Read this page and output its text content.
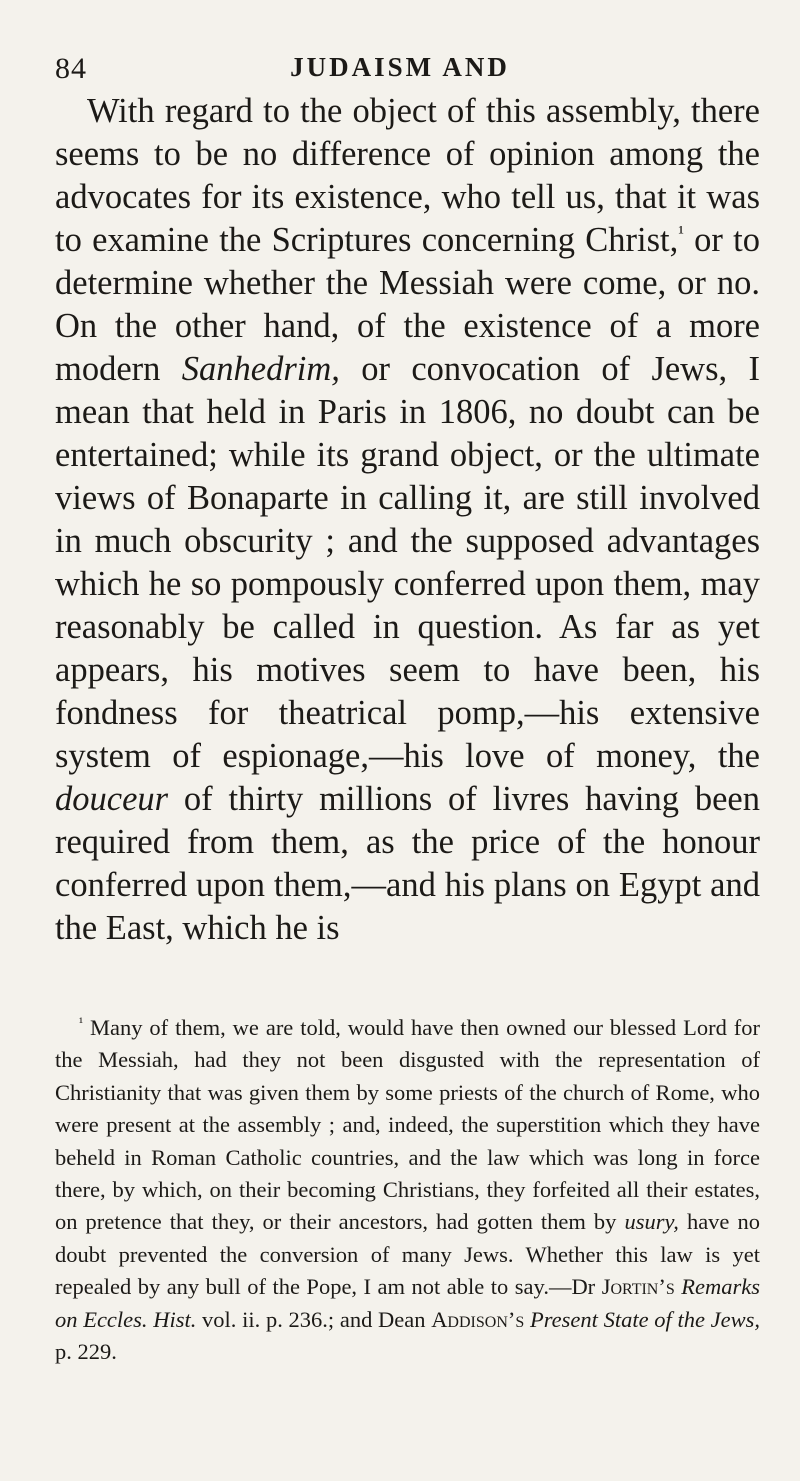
84	JUDAISM AND

With regard to the object of this assembly, there seems to be no difference of opinion among the advocates for its existence, who tell us, that it was to examine the Scriptures concerning Christ,$^{^1}$ or to determine whether the Messiah were come, or no. On the other hand, of the existence of a more modern Sanhedrim, or convocation of Jews, I mean that held in Paris in 1806, no doubt can be entertained; while its grand object, or the ultimate views of Bonaparte in calling it, are still involved in much obscurity ; and the supposed advantages which he so pompously conferred upon them, may reasonably be called in question. As far as yet appears, his motives seem to have been, his fondness for theatrical pomp,—his extensive system of espionage,—his love of money, the douceur of thirty millions of livres having been required from them, as the price of the honour conferred upon them,—and his plans on Egypt and the East, which he is

$^{^1}$ Many of them, we are told, would have then owned our blessed Lord for the Messiah, had they not been disgusted with the representation of Christianity that was given them by some priests of the church of Rome, who were present at the assembly ; and, indeed, the superstition which they have beheld in Roman Catholic countries, and the law which was long in force there, by which, on their becoming Christians, they forfeited all their estates, on pretence that they, or their ancestors, had gotten them by usury, have no doubt prevented the conversion of many Jews. Whether this law is yet repealed by any bull of the Pope, I am not able to say.—Dr Jortin’s Remarks on Eccles. Hist. vol. ii. p. 236.; and Dean Addison’s Present State of the Jews, p. 229.
